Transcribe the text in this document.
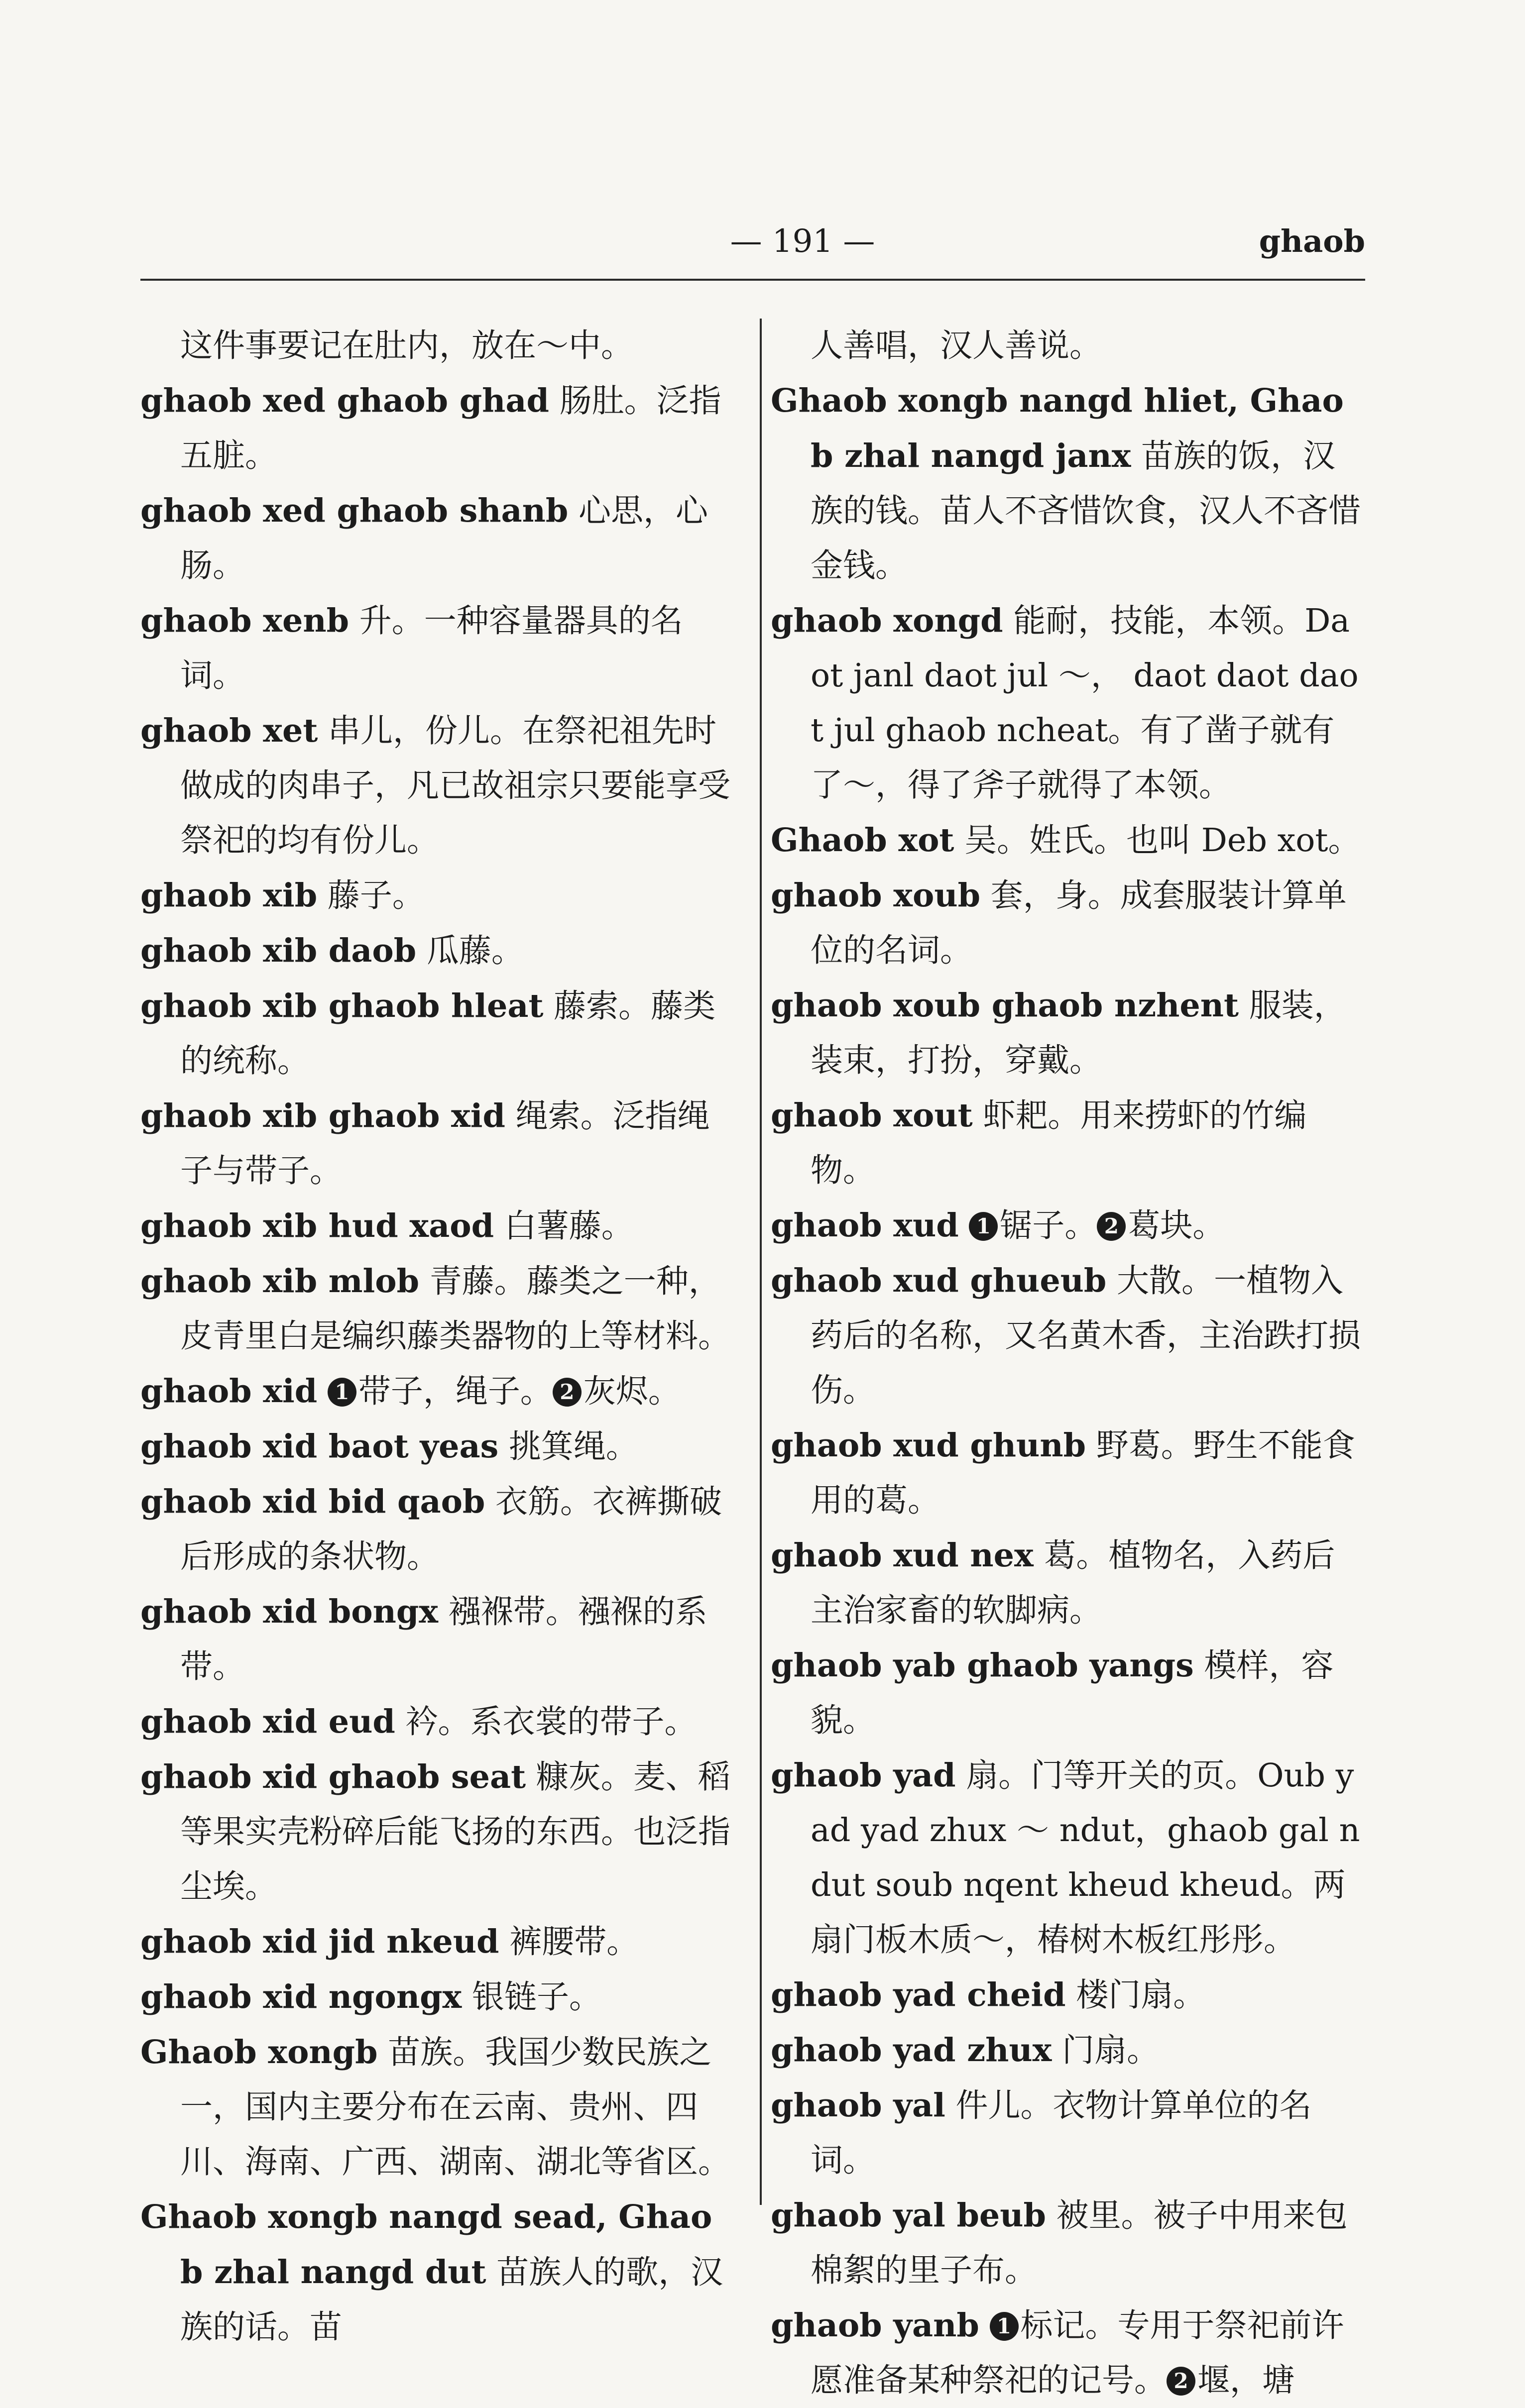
— 191 —	ghaob

这件事要记在肚内，放在～中。

ghaob xed ghaob ghad 肠肚。泛指五脏。

ghaob xed ghaob shanb 心思，心肠。

ghaob xenb 升。一种容量器具的名词。

ghaob xet 串儿，份儿。在祭祀祖先时做成的肉串子，凡已故祖宗只要能享受祭祀的均有份儿。

ghaob xib 藤子。

ghaob xib daob 瓜藤。

ghaob xib ghaob hleat 藤索。藤类的统称。

ghaob xib ghaob xid 绳索。泛指绳子与带子。

ghaob xib hud xaod 白薯藤。

ghaob xib mlob 青藤。藤类之一种，皮青里白是编织藤类器物的上等材料。

ghaob xid 1 带子，绳子。 2 灰烬。

ghaob xid baot yeas 挑箕绳。

ghaob xid bid qaob 衣筋。衣裤撕破后形成的条状物。

ghaob xid bongx 襁褓带。襁褓的系带。

ghaob xid eud 衿。系衣裳的带子。

ghaob xid ghaob seat 糠灰。麦、稻等果实壳粉碎后能飞扬的东西。也泛指尘埃。

ghaob xid jid nkeud 裤腰带。

ghaob xid ngongx 银链子。

Ghaob xongb 苗族。我国少数民族之一，国内主要分布在云南、贵州、四川、海南、广西、湖南、湖北等省区。

Ghaob xongb nangd sead, Ghaob zhal nangd dut 苗族人的歌，汉族的话。苗

人善唱，汉人善说。

Ghaob xongb nangd hliet, Ghaob zhal nangd janx 苗族的饭，汉族的钱。苗人不吝惜饮食，汉人不吝惜金钱。

ghaob xongd 能耐，技能，本领。Daot janl daot jul ～， daot daot daot jul ghaob ncheat。有了凿子就有了～，得了斧子就得了本领。

Ghaob xot 吴。姓氏。也叫 Deb xot。

ghaob xoub 套，身。成套服装计算单位的名词。

ghaob xoub ghaob nzhent 服装，装束，打扮，穿戴。

ghaob xout 虾耙。用来捞虾的竹编物。

ghaob xud 1 锯子。 2 葛块。

ghaob xud ghueub 大散。一植物入药后的名称，又名黄木香，主治跌打损伤。

ghaob xud ghunb 野葛。野生不能食用的葛。

ghaob xud nex 葛。植物名，入药后主治家畜的软脚病。

ghaob yab ghaob yangs 模样，容貌。

ghaob yad 扇。门等开关的页。Oub yad yad zhux ～ ndut，ghaob gal ndut soub nqent kheud kheud。两扇门板木质～，椿树木板红彤彤。

ghaob yad cheid 楼门扇。

ghaob yad zhux 门扇。

ghaob yal 件儿。衣物计算单位的名词。

ghaob yal beub 被里。被子中用来包棉絮的里子布。

ghaob yanb 1 标记。专用于祭祀前许愿准备某种祭祀的记号。 2 堰，塘
